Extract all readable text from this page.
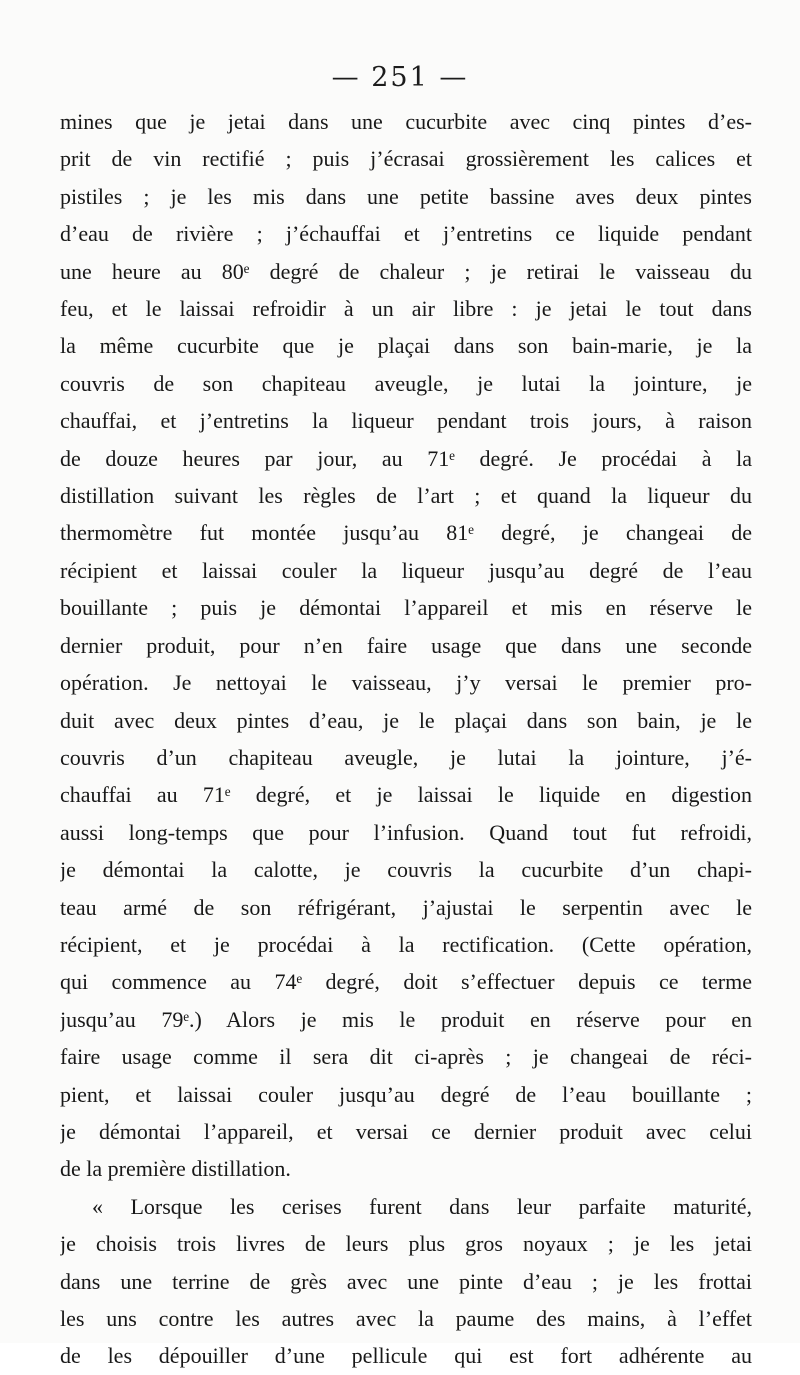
— 251 —
mines que je jetai dans une cucurbite avec cinq pintes d’es-
prit de vin rectifié ; puis j’écrasai grossièrement les calices et
pistiles ; je les mis dans une petite bassine aves deux pintes
d’eau de rivière ; j’échauffai et j’entretins ce liquide pendant
une heure au 80ᵉ degré de chaleur ; je retirai le vaisseau du
feu, et le laissai refroidir à un air libre : je jetai le tout dans
la même cucurbite que je plaçai dans son bain-marie, je la
couvris de son chapiteau aveugle, je lutai la jointure, je
chauffai, et j’entretins la liqueur pendant trois jours, à raison
de douze heures par jour, au 71ᵉ degré. Je procédai à la
distillation suivant les règles de l’art ; et quand la liqueur du
thermomètre fut montée jusqu’au 81ᵉ degré, je changeai de
récipient et laissai couler la liqueur jusqu’au degré de l’eau
bouillante ; puis je démontai l’appareil et mis en réserve le
dernier produit, pour n’en faire usage que dans une seconde
opération. Je nettoyai le vaisseau, j’y versai le premier pro-
duit avec deux pintes d’eau, je le plaçai dans son bain, je le
couvris d’un chapiteau aveugle, je lutai la jointure, j’é-
chauffai au 71ᵉ degré, et je laissai le liquide en digestion
aussi long-temps que pour l’infusion. Quand tout fut refroidi,
je démontai la calotte, je couvris la cucurbite d’un chapi-
teau armé de son réfrigérant, j’ajustai le serpentin avec le
récipient, et je procédai à la rectification. (Cette opération,
qui commence au 74ᵉ degré, doit s’effectuer depuis ce terme
jusqu’au 79ᵉ.) Alors je mis le produit en réserve pour en
faire usage comme il sera dit ci-après ; je changeai de réci-
pient, et laissai couler jusqu’au degré de l’eau bouillante ;
je démontai l’appareil, et versai ce dernier produit avec celui
de la première distillation.
« Lorsque les cerises furent dans leur parfaite maturité,
je choisis trois livres de leurs plus gros noyaux ; je les jetai
dans une terrine de grès avec une pinte d’eau ; je les frottai
les uns contre les autres avec la paume des mains, à l’effet
de les dépouiller d’une pellicule qui est fort adhérente au
